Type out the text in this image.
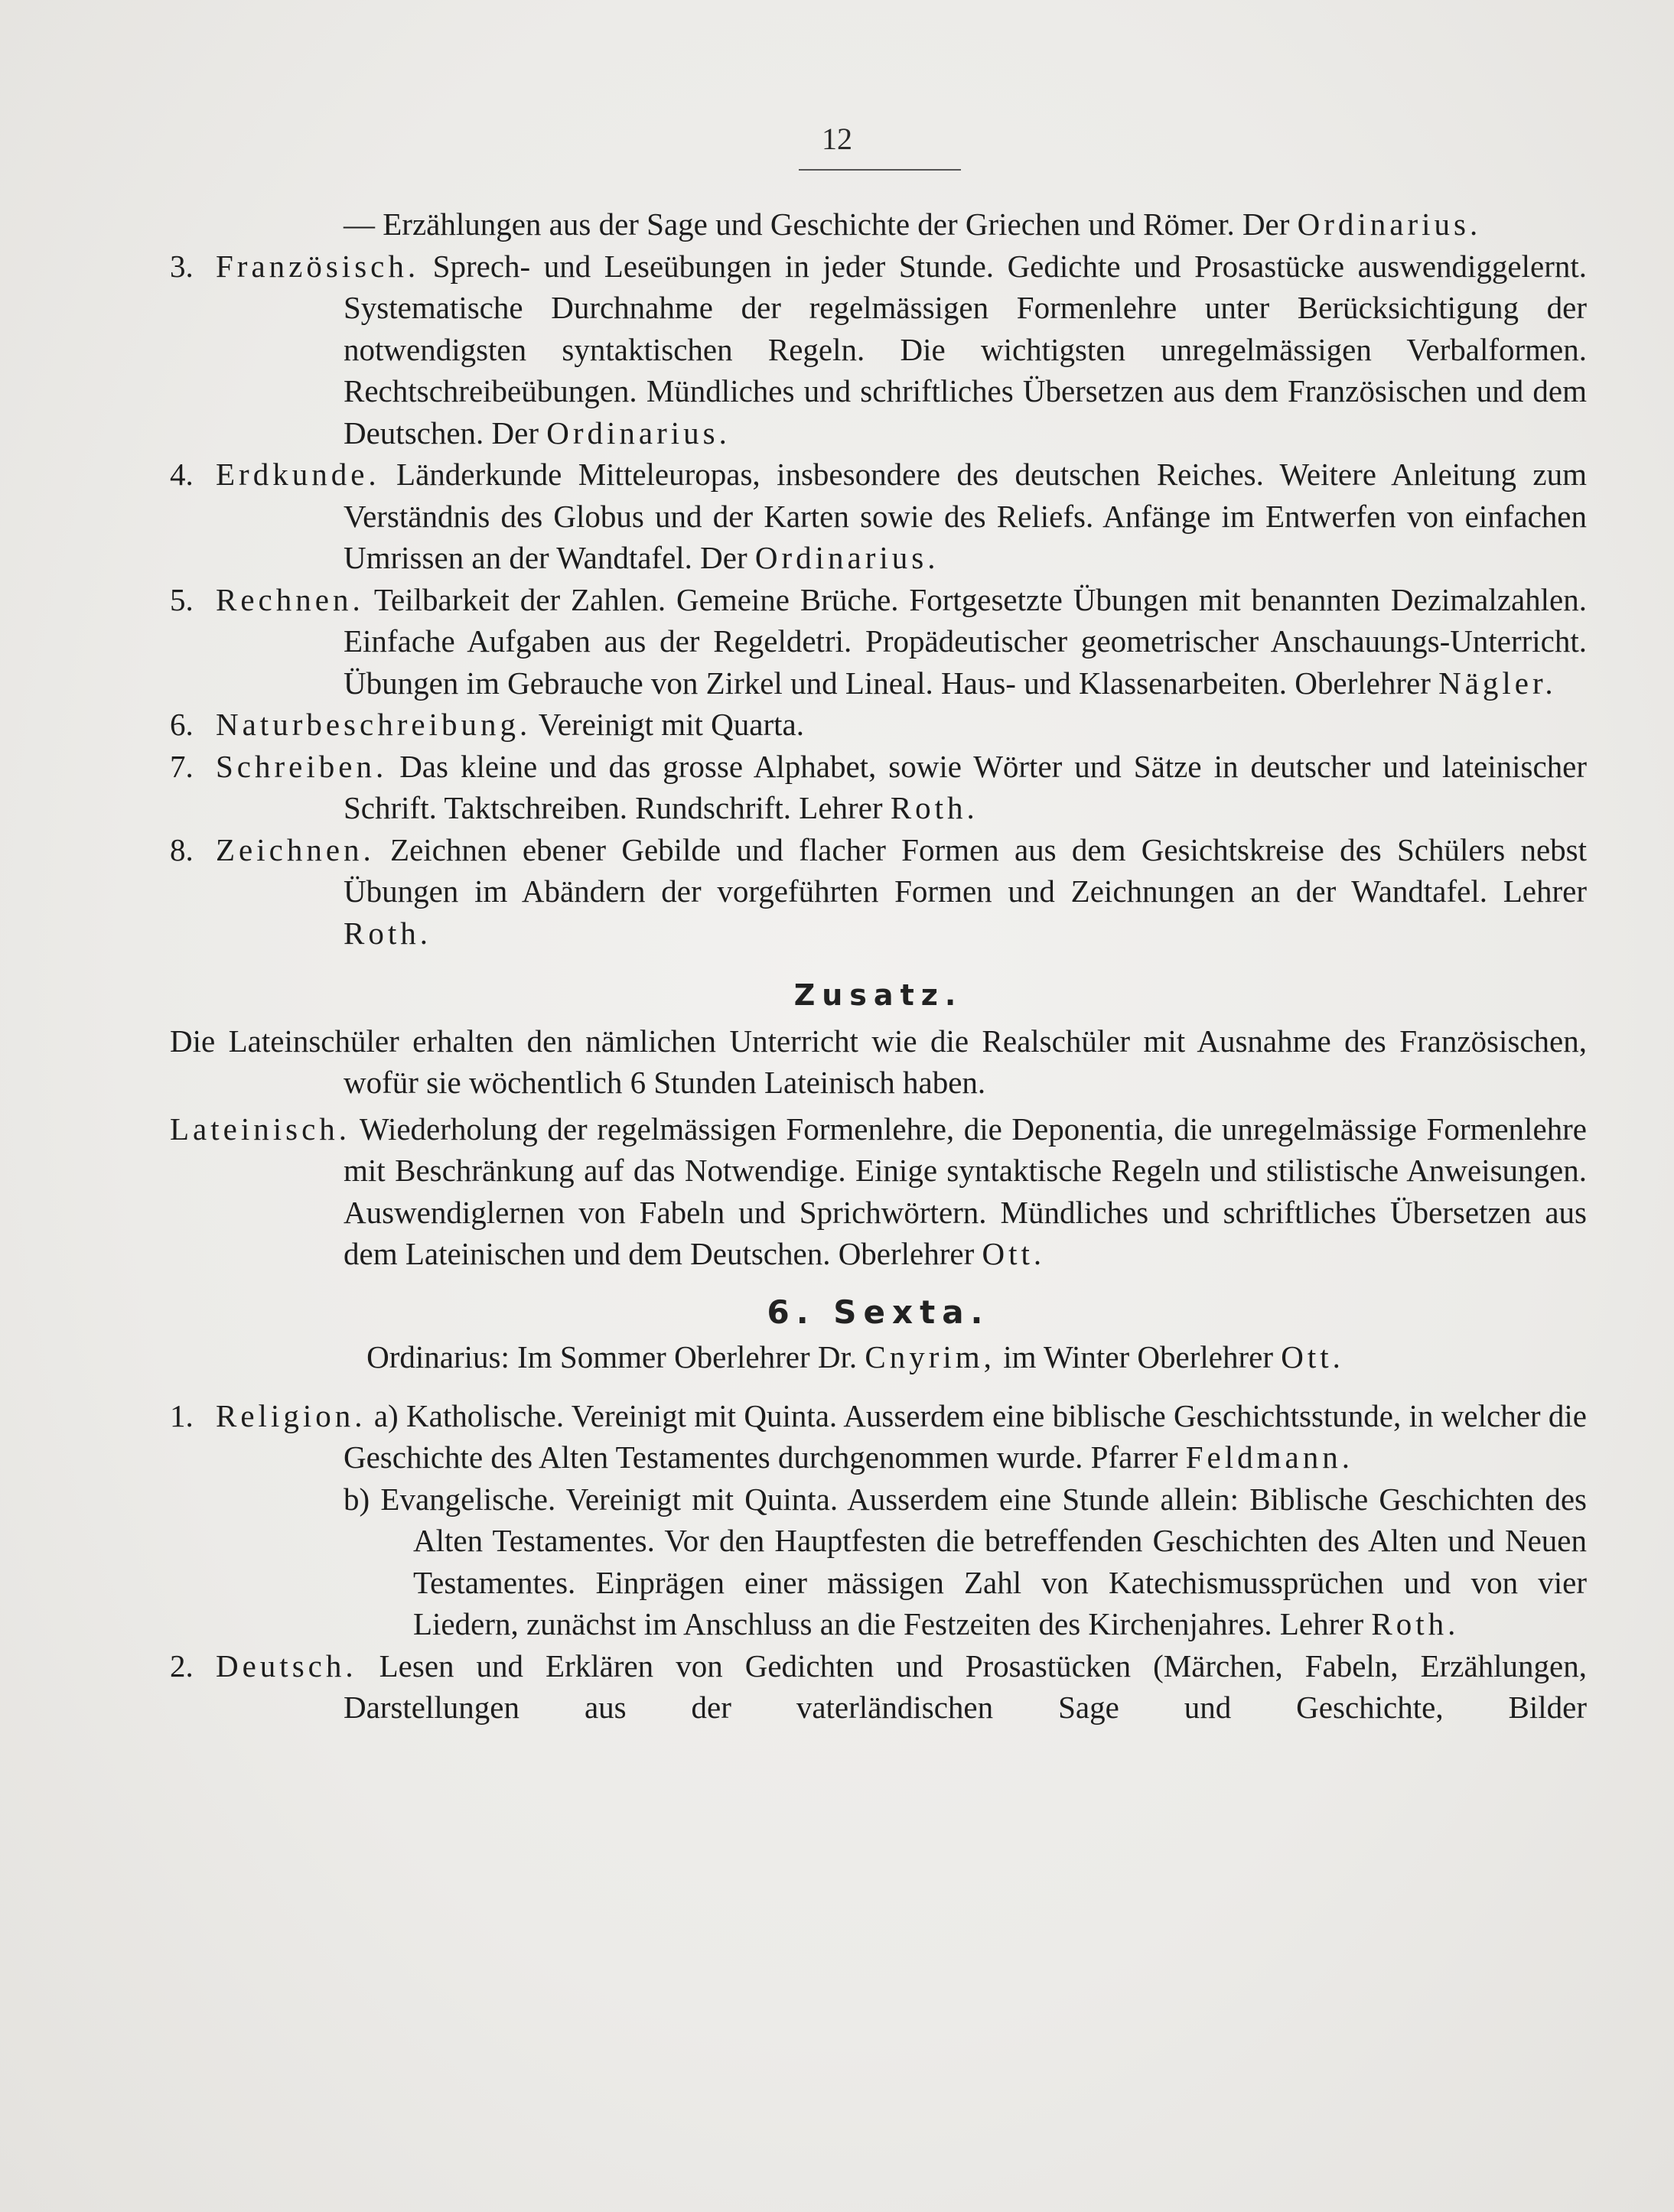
12
— Erzählungen aus der Sage und Geschichte der Griechen und Römer. Der Ordinarius.
3. Französisch. Sprech- und Leseübungen in jeder Stunde. Gedichte und Prosastücke auswendiggelernt. Systematische Durchnahme der regelmässigen Formenlehre unter Berücksichtigung der notwendigsten syntaktischen Regeln. Die wichtigsten unregelmässigen Verbalformen. Rechtschreibeübungen. Mündliches und schriftliches Übersetzen aus dem Französischen und dem Deutschen. Der Ordinarius.
4. Erdkunde. Länderkunde Mitteleuropas, insbesondere des deutschen Reiches. Weitere Anleitung zum Verständnis des Globus und der Karten sowie des Reliefs. Anfänge im Entwerfen von einfachen Umrissen an der Wandtafel. Der Ordinarius.
5. Rechnen. Teilbarkeit der Zahlen. Gemeine Brüche. Fortgesetzte Übungen mit benannten Dezimalzahlen. Einfache Aufgaben aus der Regeldetri. Propädeutischer geometrischer Anschauungs-Unterricht. Übungen im Gebrauche von Zirkel und Lineal. Haus- und Klassenarbeiten. Oberlehrer Nägler.
6. Naturbeschreibung. Vereinigt mit Quarta.
7. Schreiben. Das kleine und das grosse Alphabet, sowie Wörter und Sätze in deutscher und lateinischer Schrift. Taktschreiben. Rundschrift. Lehrer Roth.
8. Zeichnen. Zeichnen ebener Gebilde und flacher Formen aus dem Gesichtskreise des Schülers nebst Übungen im Abändern der vorgeführten Formen und Zeichnungen an der Wandtafel. Lehrer Roth.
Zusatz.
Die Lateinschüler erhalten den nämlichen Unterricht wie die Realschüler mit Ausnahme des Französischen, wofür sie wöchentlich 6 Stunden Lateinisch haben.
Lateinisch. Wiederholung der regelmässigen Formenlehre, die Deponentia, die unregelmässige Formenlehre mit Beschränkung auf das Notwendige. Einige syntaktische Regeln und stilistische Anweisungen. Auswendiglernen von Fabeln und Sprichwörtern. Mündliches und schriftliches Übersetzen aus dem Lateinischen und dem Deutschen. Oberlehrer Ott.
6. Sexta.
Ordinarius: Im Sommer Oberlehrer Dr. Cnyrim, im Winter Oberlehrer Ott.
1. Religion. a) Katholische. Vereinigt mit Quinta. Ausserdem eine biblische Geschichtsstunde, in welcher die Geschichte des Alten Testamentes durchgenommen wurde. Pfarrer Feldmann.
b) Evangelische. Vereinigt mit Quinta. Ausserdem eine Stunde allein: Biblische Geschichten des Alten Testamentes. Vor den Hauptfesten die betreffenden Geschichten des Alten und Neuen Testamentes. Einprägen einer mässigen Zahl von Katechismussprüchen und von vier Liedern, zunächst im Anschluss an die Festzeiten des Kirchenjahres. Lehrer Roth.
2. Deutsch. Lesen und Erklären von Gedichten und Prosastücken (Märchen, Fabeln, Erzählungen, Darstellungen aus der vaterländischen Sage und Geschichte, Bilder
